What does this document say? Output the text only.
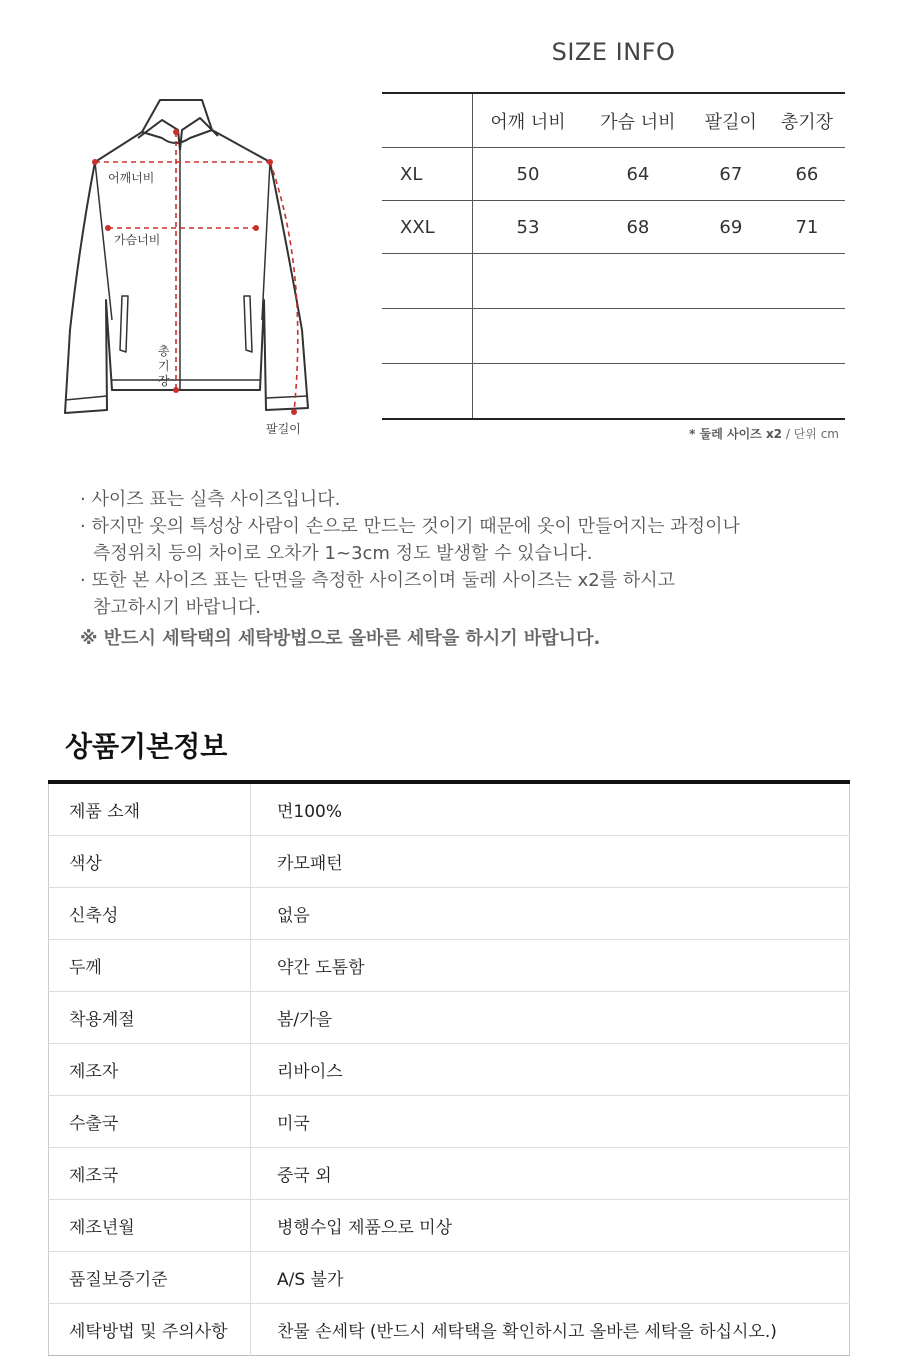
어깨너비
가슴너비
총
기
장
팔길이
SIZE INFO
	어깨 너비	가슴 너비	팔길이	총기장
XL	50	64	67	66
XXL	53	68	69	71

* 둘레 사이즈 x2 / 단위 cm

· 사이즈 표는 실측 사이즈입니다.

· 하지만 옷의 특성상 사람이 손으로 만드는 것이기 때문에 옷이 만들어지는 과정이나

측정위치 등의 차이로 오차가 1~3cm 정도 발생할 수 있습니다.

· 또한 본 사이즈 표는 단면을 측정한 사이즈이며 둘레 사이즈는 x2를 하시고

참고하시기 바랍니다.

※ 반드시 세탁택의 세탁방법으로 올바른 세탁을 하시기 바랍니다.

상품기본정보
제품 소재	면100%
색상	카모패턴
신축성	없음
두께	약간 도톰함
착용계절	봄/가을
제조자	리바이스
수출국	미국
제조국	중국 외
제조년월	병행수입 제품으로 미상
품질보증기준	A/S 불가
세탁방법 및 주의사항	찬물 손세탁 (반드시 세탁택을 확인하시고 올바른 세탁을 하십시오.)
